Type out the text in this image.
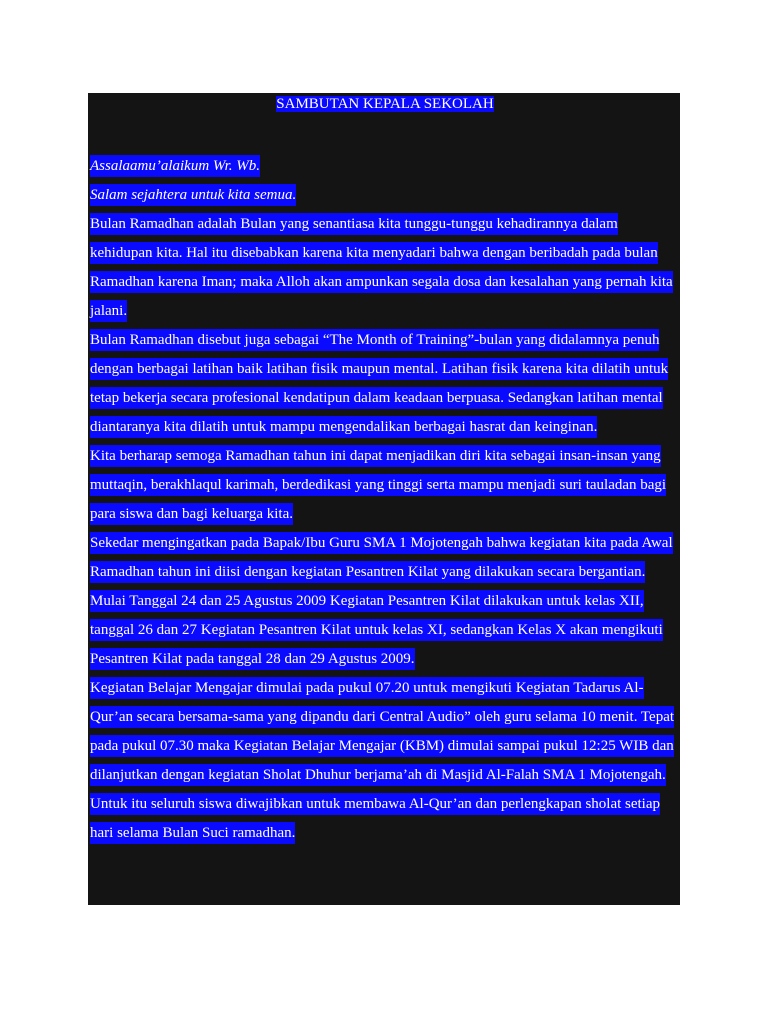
SAMBUTAN KEPALA SEKOLAH

Assalaamu’alaikum Wr. Wb.

Salam sejahtera untuk kita semua.

Bulan Ramadhan adalah Bulan yang senantiasa kita tunggu-tunggu kehadirannya dalam kehidupan kita. Hal itu disebabkan karena kita menyadari bahwa dengan beribadah pada bulan Ramadhan karena Iman; maka Alloh akan ampunkan segala dosa dan kesalahan yang pernah kita jalani.

Bulan Ramadhan disebut juga sebagai “The Month of Training”-bulan yang didalamnya penuh dengan berbagai latihan baik latihan fisik maupun mental. Latihan fisik karena kita dilatih untuk tetap bekerja secara profesional kendatipun dalam keadaan berpuasa. Sedangkan latihan mental diantaranya kita dilatih untuk mampu mengendalikan berbagai hasrat dan keinginan.

Kita berharap semoga Ramadhan tahun ini dapat menjadikan diri kita sebagai insan-insan yang muttaqin, berakhlaqul karimah, berdedikasi yang tinggi serta mampu menjadi suri tauladan bagi para siswa dan bagi keluarga kita.

Sekedar mengingatkan pada Bapak/Ibu Guru SMA 1 Mojotengah bahwa kegiatan kita pada Awal Ramadhan tahun ini diisi dengan kegiatan Pesantren Kilat yang dilakukan secara bergantian.

Mulai Tanggal 24 dan 25 Agustus 2009 Kegiatan Pesantren Kilat dilakukan untuk kelas XII, tanggal 26 dan 27 Kegiatan Pesantren Kilat untuk kelas XI, sedangkan Kelas X akan mengikuti Pesantren Kilat pada tanggal 28 dan 29 Agustus 2009.

Kegiatan Belajar Mengajar dimulai pada pukul 07.20 untuk mengikuti Kegiatan Tadarus Al-Qur’an secara bersama-sama yang dipandu dari Central Audio” oleh guru selama 10 menit. Tepat pada pukul 07.30 maka Kegiatan Belajar Mengajar (KBM) dimulai sampai pukul 12:25 WIB dan dilanjutkan dengan kegiatan Sholat Dhuhur berjama’ah di Masjid Al-Falah SMA 1 Mojotengah. Untuk itu seluruh siswa diwajibkan untuk membawa Al-Qur’an dan perlengkapan sholat setiap hari selama Bulan Suci ramadhan.
